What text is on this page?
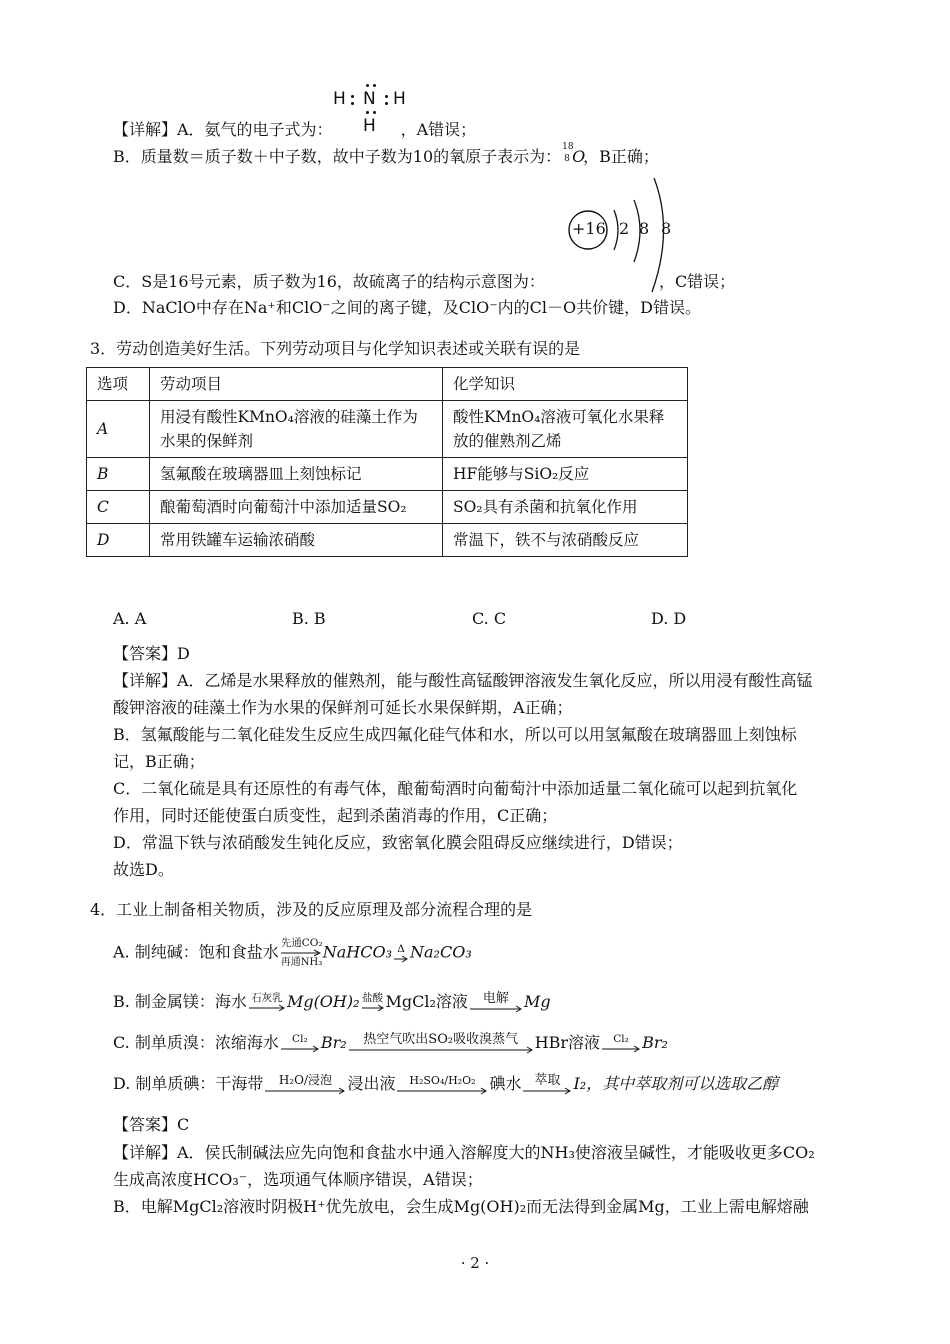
H N H
H
【详解】A．氨气的电子式为：	，A错误；
B．质量数＝质子数＋中子数，故中子数为10的氧原子表示为： 18
8 O，B正确；
+16 2 8 8
C．S是16号元素，质子数为16，故硫离子的结构示意图为：	，C错误；
D．NaClO中存在Na⁺和ClO⁻之间的离子键，及ClO⁻内的Cl－O共价键，D错误。
3．劳动创造美好生活。下列劳动项目与化学知识表述或关联有误的是
选项	劳动项目	化学知识
A	用浸有酸性KMnO₄溶液的硅藻土作为水果的保鲜剂	酸性KMnO₄溶液可氧化水果释放的催熟剂乙烯
B	氢氟酸在玻璃器皿上刻蚀标记	HF能够与SiO₂反应
C	酿葡萄酒时向葡萄汁中添加适量SO₂	SO₂具有杀菌和抗氧化作用
D	常用铁罐车运输浓硝酸	常温下，铁不与浓硝酸反应
A. A	B. B	C. C	D. D
【答案】D
【详解】A．乙烯是水果释放的催熟剂，能与酸性高锰酸钾溶液发生氧化反应，所以用浸有酸性高锰
酸钾溶液的硅藻土作为水果的保鲜剂可延长水果保鲜期，A正确；
B．氢氟酸能与二氧化硅发生反应生成四氟化硅气体和水，所以可以用氢氟酸在玻璃器皿上刻蚀标
记，B正确；
C．二氧化硫是具有还原性的有毒气体，酿葡萄酒时向葡萄汁中添加适量二氧化硫可以起到抗氧化
作用，同时还能使蛋白质变性，起到杀菌消毒的作用，C正确；
D．常温下铁与浓硝酸发生钝化反应，致密氧化膜会阻碍反应继续进行，D错误；
故选D。
4．工业上制备相关物质，涉及的反应原理及部分流程合理的是
A. 制纯碱：饱和食盐水 先通CO₂
再通NH₃
NaHCO₃ Δ Na₂CO₃
B. 制金属镁：海水 石灰乳 Mg(OH)₂ 盐酸 MgCl₂溶液	电解 Mg
C. 制单质溴：浓缩海水	Cl₂ Br₂	热空气吹出SO₂吸收溴蒸气	HBr溶液	Cl₂ Br₂
D. 制单质碘：干海带	H₂O/浸泡 浸出液	H₂SO₄/H₂O₂ 碘水 萃取 I₂，其中萃取剂可以选取乙醇
【答案】C
【详解】A．侯氏制碱法应先向饱和食盐水中通入溶解度大的NH₃使溶液呈碱性，才能吸收更多CO₂
生成高浓度HCO₃⁻，选项通气体顺序错误，A错误；
B．电解MgCl₂溶液时阴极H⁺优先放电，会生成Mg(OH)₂而无法得到金属Mg，工业上需电解熔融
· 2 ·
